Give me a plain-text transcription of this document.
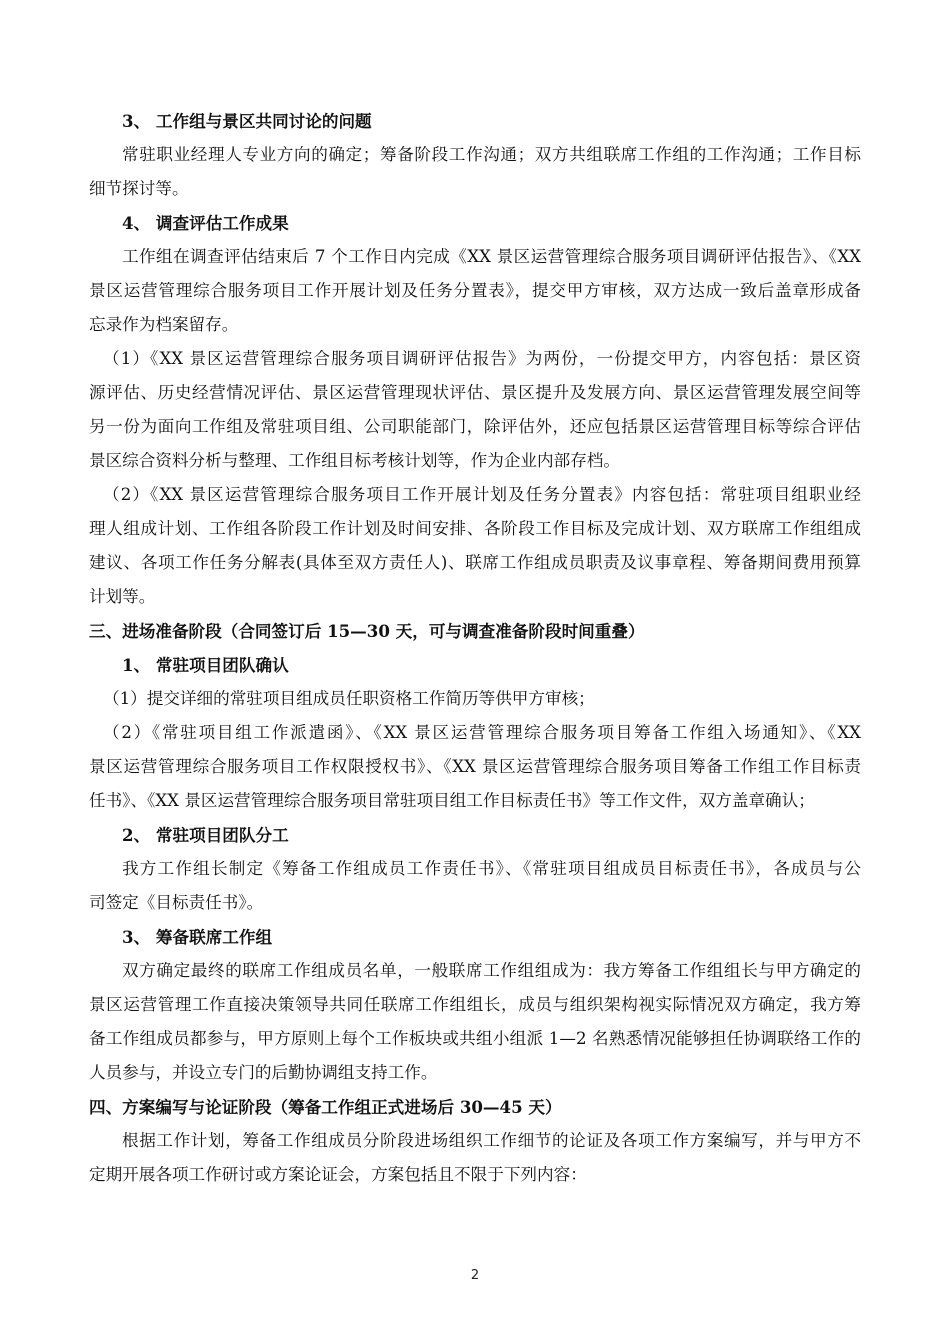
3、 工作组与景区共同讨论的问题
常驻职业经理人专业方向的确定；筹备阶段工作沟通；双方共组联席工作组的工作沟通；工作目标
细节探讨等。
4、 调查评估工作成果
工作组在调查评估结束后 7 个工作日内完成《XX 景区运营管理综合服务项目调研评估报告》、《XX
景区运营管理综合服务项目工作开展计划及任务分置表》，提交甲方审核，双方达成一致后盖章形成备
忘录作为档案留存。
（1）《XX 景区运营管理综合服务项目调研评估报告》为两份，一份提交甲方，内容包括：景区资
源评估、历史经营情况评估、景区运营管理现状评估、景区提升及发展方向、景区运营管理发展空间等
另一份为面向工作组及常驻项目组、公司职能部门，除评估外，还应包括景区运营管理目标等综合评估
景区综合资料分析与整理、工作组目标考核计划等，作为企业内部存档。
（2）《XX 景区运营管理综合服务项目工作开展计划及任务分置表》内容包括：常驻项目组职业经
理人组成计划、工作组各阶段工作计划及时间安排、各阶段工作目标及完成计划、双方联席工作组组成
建议、各项工作任务分解表(具体至双方责任人)、联席工作组成员职责及议事章程、筹备期间费用预算
计划等。
三、进场准备阶段（合同签订后 15—30 天，可与调查准备阶段时间重叠）
1、 常驻项目团队确认
（1）提交详细的常驻项目组成员任职资格工作简历等供甲方审核；
（2）《常驻项目组工作派遣函》、《XX 景区运营管理综合服务项目筹备工作组入场通知》、《XX
景区运营管理综合服务项目工作权限授权书》、《XX 景区运营管理综合服务项目筹备工作组工作目标责
任书》、《XX 景区运营管理综合服务项目常驻项目组工作目标责任书》等工作文件，双方盖章确认；
2、 常驻项目团队分工
我方工作组长制定《筹备工作组成员工作责任书》、《常驻项目组成员目标责任书》，各成员与公
司签定《目标责任书》。
3、 筹备联席工作组
双方确定最终的联席工作组成员名单，一般联席工作组组成为：我方筹备工作组组长与甲方确定的
景区运营管理工作直接决策领导共同任联席工作组组长，成员与组织架构视实际情况双方确定，我方筹
备工作组成员都参与，甲方原则上每个工作板块或共组小组派 1—2 名熟悉情况能够担任协调联络工作的
人员参与，并设立专门的后勤协调组支持工作。
四、方案编写与论证阶段（筹备工作组正式进场后 30—45 天）
根据工作计划，筹备工作组成员分阶段进场组织工作细节的论证及各项工作方案编写，并与甲方不
定期开展各项工作研讨或方案论证会，方案包括且不限于下列内容：
2
